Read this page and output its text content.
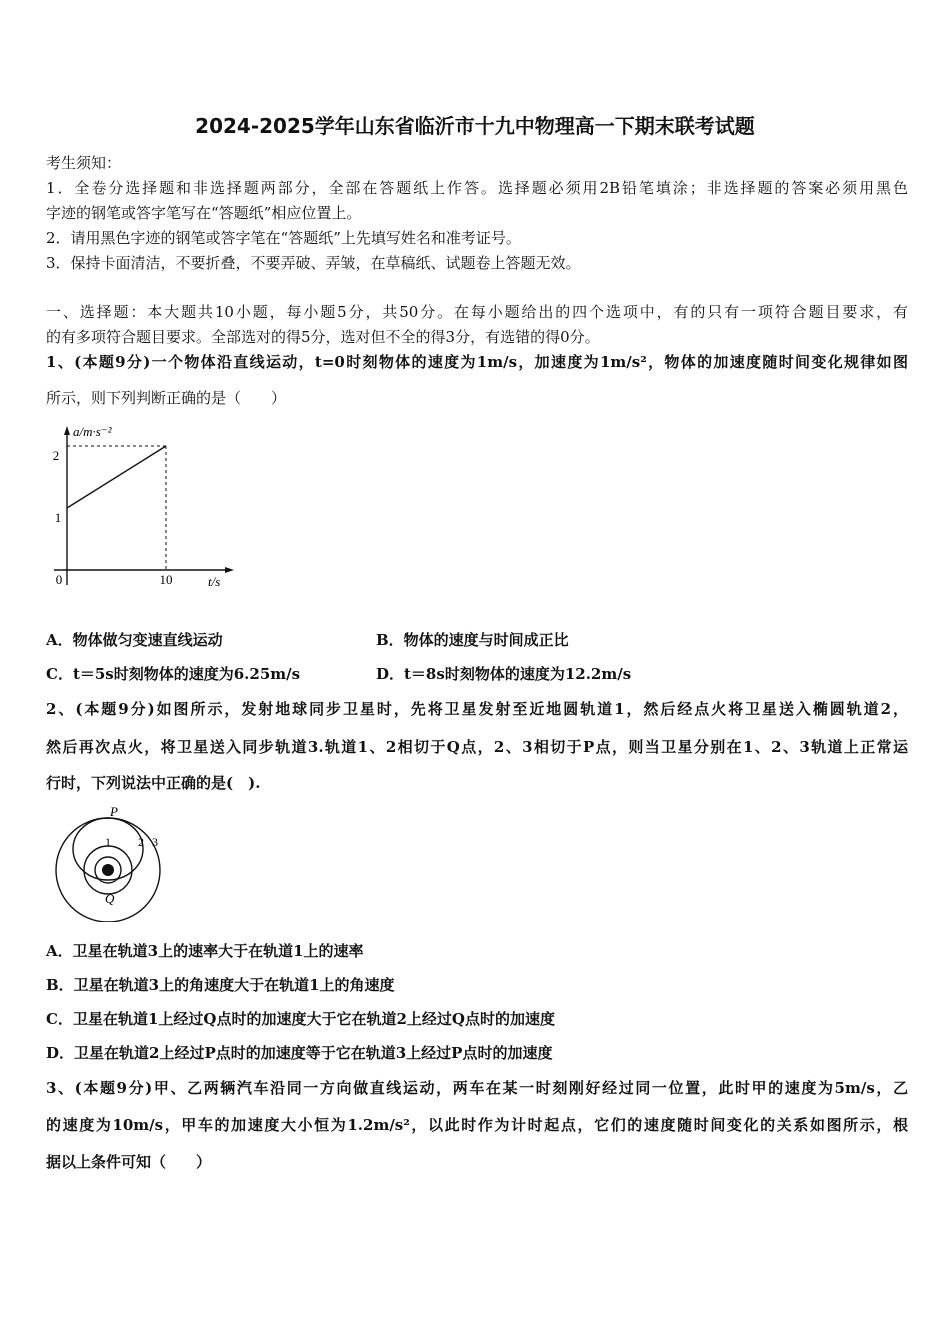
2024-2025学年山东省临沂市十九中物理高一下期末联考试题
考生须知：
1．全卷分选择题和非选择题两部分，全部在答题纸上作答。选择题必须用2B铅笔填涂；非选择题的答案必须用黑色
字迹的钢笔或答字笔写在“答题纸”相应位置上。
2．请用黑色字迹的钢笔或答字笔在“答题纸”上先填写姓名和准考证号。
3．保持卡面清洁，不要折叠，不要弄破、弄皱，在草稿纸、试题卷上答题无效。
一、选择题：本大题共10小题，每小题5分，共50分。在每小题给出的四个选项中，有的只有一项符合题目要求，有
的有多项符合题目要求。全部选对的得5分，选对但不全的得3分，有选错的得0分。
1、(本题9分)一个物体沿直线运动，t=0时刻物体的速度为1m/s，加速度为1m/s²，物体的加速度随时间变化规律如图
所示，则下列判断正确的是（　　）
a/m·s⁻²
2
1
0	10	t/s
A．物体做匀变速直线运动	B．物体的速度与时间成正比
C．t＝5s时刻物体的速度为6.25m/s	D．t＝8s时刻物体的速度为12.2m/s
2、(本题9分)如图所示，发射地球同步卫星时，先将卫星发射至近地圆轨道1，然后经点火将卫星送入椭圆轨道2，
然后再次点火，将卫星送入同步轨道3.轨道1、2相切于Q点，2、3相切于P点，则当卫星分别在1、2、3轨道上正常运
行时，下列说法中正确的是(　).
P
Q
1 2 3
A．卫星在轨道3上的速率大于在轨道1上的速率
B．卫星在轨道3上的角速度大于在轨道1上的角速度
C．卫星在轨道1上经过Q点时的加速度大于它在轨道2上经过Q点时的加速度
D．卫星在轨道2上经过P点时的加速度等于它在轨道3上经过P点时的加速度
3、(本题9分)甲、乙两辆汽车沿同一方向做直线运动，两车在某一时刻刚好经过同一位置，此时甲的速度为5m/s，乙
的速度为10m/s，甲车的加速度大小恒为1.2m/s²，以此时作为计时起点，它们的速度随时间变化的关系如图所示，根
据以上条件可知（　　）
